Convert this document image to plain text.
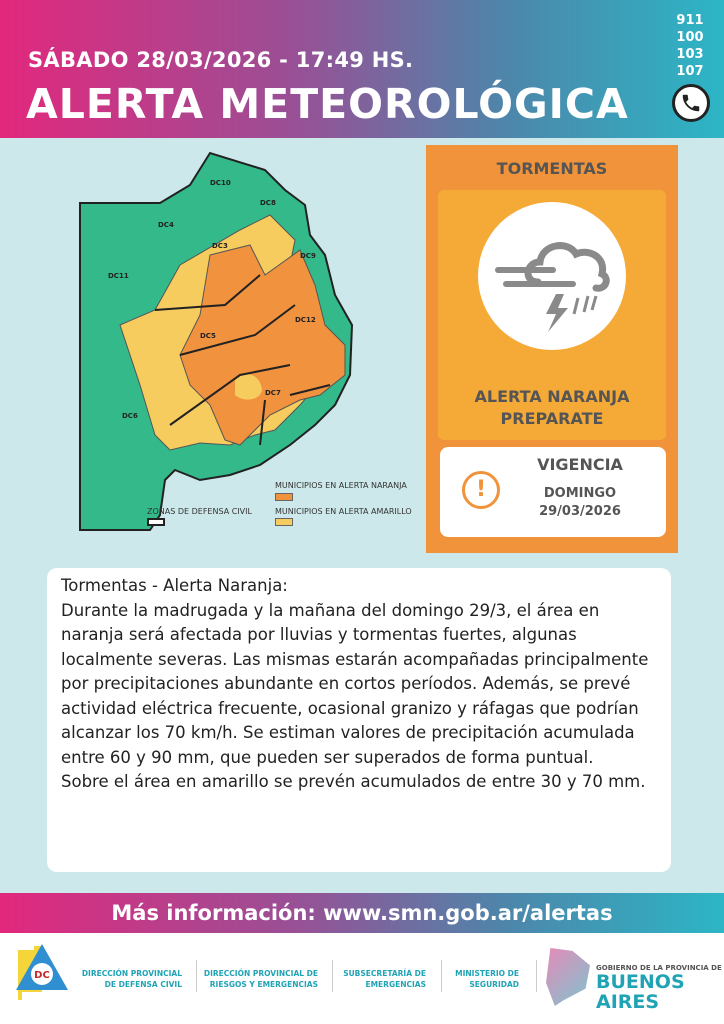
SÁBADO 28/03/2026 - 17:49 HS.
ALERTA METEOROLÓGICA
911
100
103
107
DC10
DC8
DC4
DC3
DC9
DC11
DC12
DC5
DC7
DC6
MUNICIPIOS EN ALERTA NARANJA
MUNICIPIOS EN ALERTA AMARILLO
ZONAS DE DEFENSA CIVIL
TORMENTAS
ALERTA NARANJA
PREPARATE
!
VIGENCIA
DOMINGO
29/03/2026

Tormentas - Alerta Naranja:

Durante la madrugada y la mañana del domingo 29/3, el área en naranja será afectada por lluvias y tormentas fuertes, algunas localmente severas. Las mismas estarán acompañadas principalmente por precipitaciones abundante en cortos períodos. Además, se prevé actividad eléctrica frecuente, ocasional granizo y ráfagas que podrían alcanzar los 70 km/h. Se estiman valores de precipitación acumulada entre 60 y 90 mm, que pueden ser superados de forma puntual.

Sobre el área en amarillo se prevén acumulados de entre 30 y 70 mm.

Más información: www.smn.gob.ar/alertas
DC	DIRECCIÓN PROVINCIAL
DE DEFENSA CIVIL
DIRECCIÓN PROVINCIAL DE
RIESGOS Y EMERGENCIAS
SUBSECRETARÍA DE
EMERGENCIAS
MINISTERIO DE
SEGURIDAD
GOBIERNO DE LA PROVINCIA DE
BUENOS AIRES
